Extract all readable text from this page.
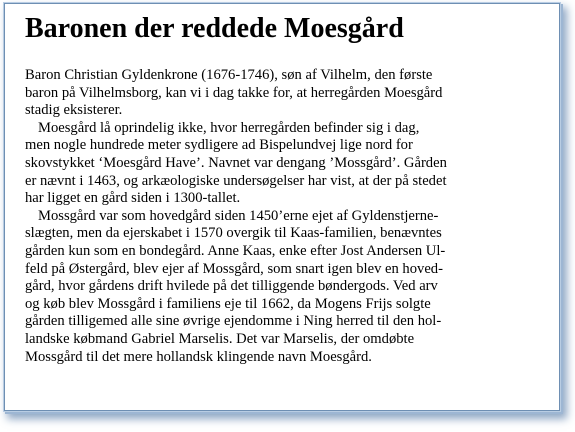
Baronen der reddede Moesgård
Baron Christian Gyldenkrone (1676-1746), søn af Vilhelm, den første
baron på Vilhelmsborg, kan vi i dag takke for, at herregården Moesgård
stadig eksisterer.
Moesgård lå oprindelig ikke, hvor herregården befinder sig i dag,
men nogle hundrede meter sydligere ad Bispelundvej lige nord for
skovstykket ‘Moesgård Have’. Navnet var dengang ’Mossgård’. Gården
er nævnt i 1463, og arkæologiske undersøgelser har vist, at der på stedet
har ligget en gård siden i 1300-tallet.
Mossgård var som hovedgård siden 1450’erne ejet af Gyldenstjerne-
slægten, men da ejerskabet i 1570 overgik til Kaas-familien, benævntes
gården kun som en bondegård. Anne Kaas, enke efter Jost Andersen Ul-
feld på Østergård, blev ejer af Mossgård, som snart igen blev en hoved-
gård, hvor gårdens drift hvilede på det tilliggende bøndergods. Ved arv
og køb blev Mossgård i familiens eje til 1662, da Mogens Frijs solgte
gården tilligemed alle sine øvrige ejendomme i Ning herred til den hol-
landske købmand Gabriel Marselis. Det var Marselis, der omdøbte
Mossgård til det mere hollandsk klingende navn Moesgård.
